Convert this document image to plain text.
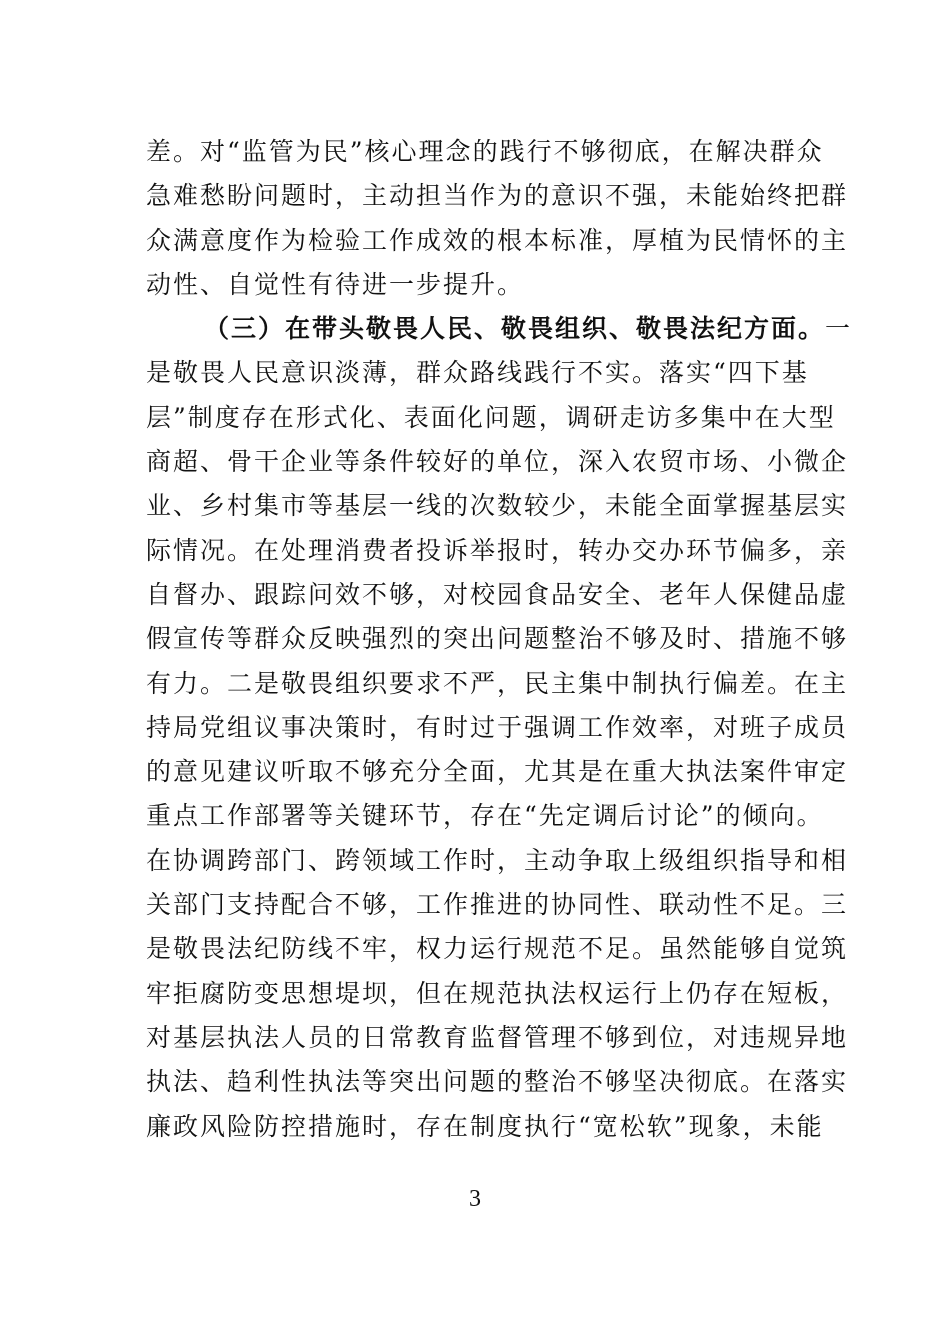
差。对“监管为民”核心理念的践行不够彻底，在解决群众
急难愁盼问题时，主动担当作为的意识不强，未能始终把群
众满意度作为检验工作成效的根本标准，厚植为民情怀的主
动性、自觉性有待进一步提升。
（三）在带头敬畏人民、敬畏组织、敬畏法纪方面。一
是敬畏人民意识淡薄，群众路线践行不实。落实“四下基
层”制度存在形式化、表面化问题，调研走访多集中在大型
商超、骨干企业等条件较好的单位，深入农贸市场、小微企
业、乡村集市等基层一线的次数较少，未能全面掌握基层实
际情况。在处理消费者投诉举报时，转办交办环节偏多，亲
自督办、跟踪问效不够，对校园食品安全、老年人保健品虚
假宣传等群众反映强烈的突出问题整治不够及时、措施不够
有力。二是敬畏组织要求不严，民主集中制执行偏差。在主
持局党组议事决策时，有时过于强调工作效率，对班子成员
的意见建议听取不够充分全面，尤其是在重大执法案件审定
重点工作部署等关键环节，存在“先定调后讨论”的倾向。
在协调跨部门、跨领域工作时，主动争取上级组织指导和相
关部门支持配合不够，工作推进的协同性、联动性不足。三
是敬畏法纪防线不牢，权力运行规范不足。虽然能够自觉筑
牢拒腐防变思想堤坝，但在规范执法权运行上仍存在短板，
对基层执法人员的日常教育监督管理不够到位，对违规异地
执法、趋利性执法等突出问题的整治不够坚决彻底。在落实
廉政风险防控措施时，存在制度执行“宽松软”现象，未能
3
